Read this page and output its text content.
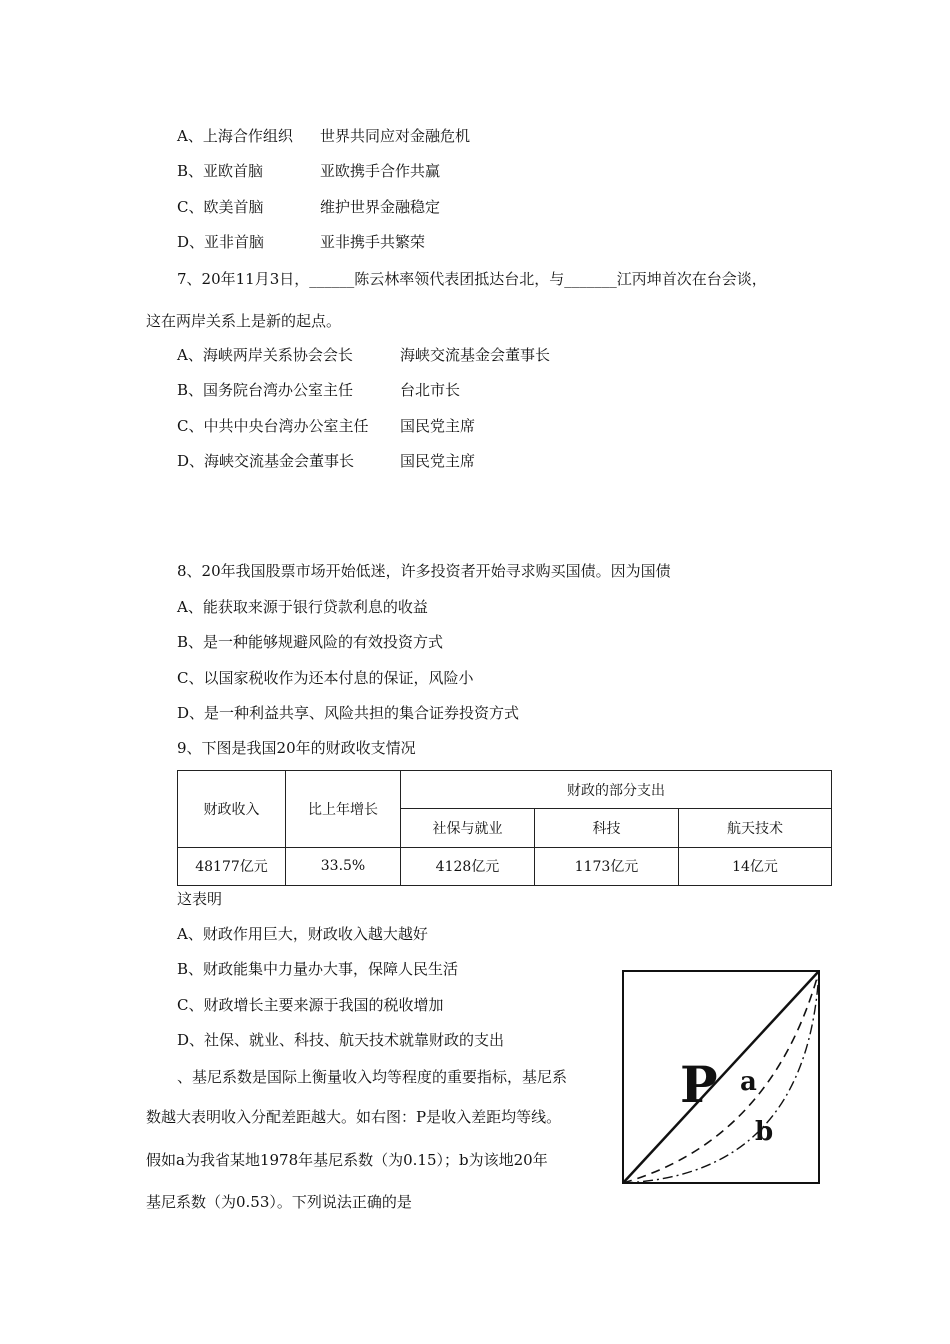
A、上海合作组织 世界共同应对金融危机
B、亚欧首脑	亚欧携手合作共赢
C、欧美首脑	维护世界金融稳定
D、亚非首脑	亚非携手共繁荣
7、20年11月3日，______陈云林率领代表团抵达台北，与_______江丙坤首次在台会谈，
这在两岸关系上是新的起点。
A、海峡两岸关系协会会长	海峡交流基金会董事长
B、国务院台湾办公室主任	台北市长
C、中共中央台湾办公室主任 国民党主席
D、海峡交流基金会董事长	国民党主席
8、20年我国股票市场开始低迷，许多投资者开始寻求购买国债。因为国债
A、能获取来源于银行贷款利息的收益
B、是一种能够规避风险的有效投资方式
C、以国家税收作为还本付息的保证，风险小
D、是一种利益共享、风险共担的集合证券投资方式
9、下图是我国20年的财政收支情况
财政收入	比上年增长	财政的部分支出		
		社保与就业	科技	航天技术
48177亿元	33.5%	4128亿元	1173亿元	14亿元
这表明
A、财政作用巨大，财政收入越大越好
B、财政能集中力量办大事，保障人民生活
C、财政增长主要来源于我国的税收增加
D、社保、就业、科技、航天技术就靠财政的支出
、基尼系数是国际上衡量收入均等程度的重要指标，基尼系
数越大表明收入分配差距越大。如右图：P是收入差距均等线。
假如a为我省某地1978年基尼系数（为0.15）；b为该地20年
基尼系数（为0.53）。下列说法正确的是
P a
b
